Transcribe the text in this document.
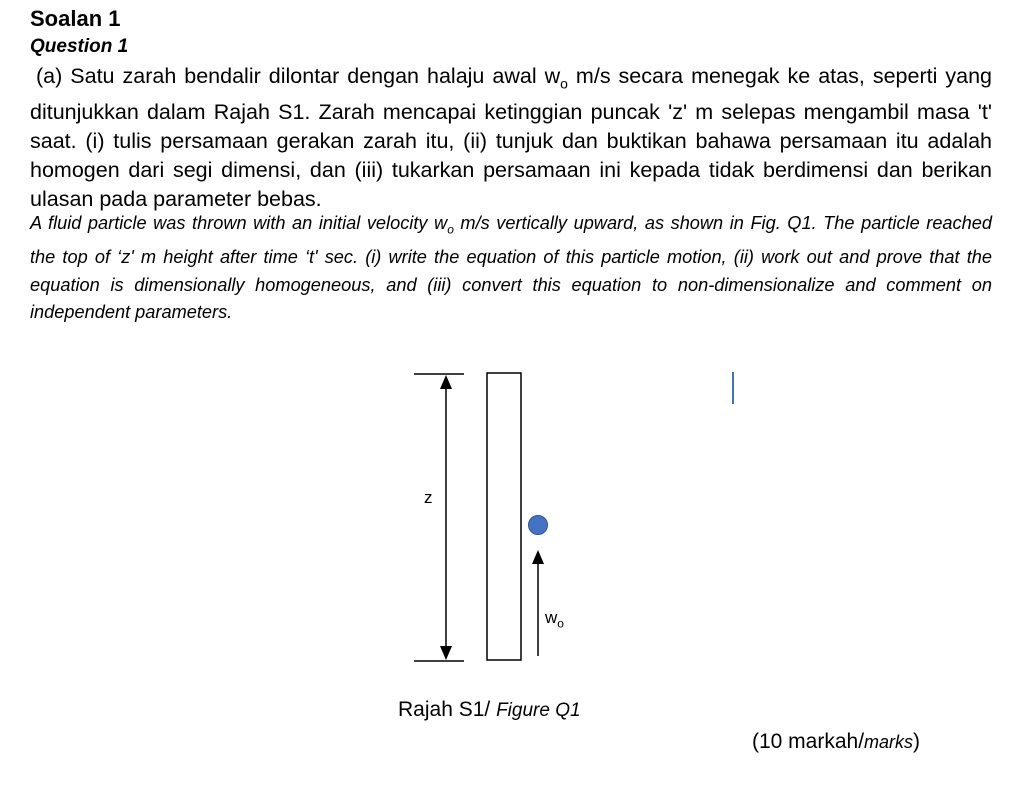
Soalan 1
Question 1
(a) Satu zarah bendalir dilontar dengan halaju awal $w_o$ m/s secara menegak ke atas, seperti yang ditunjukkan dalam Rajah S1. Zarah mencapai ketinggian puncak 'z' m selepas mengambil masa 't' saat. (i) tulis persamaan gerakan zarah itu, (ii) tunjuk dan buktikan bahawa persamaan itu adalah homogen dari segi dimensi, dan (iii) tukarkan persamaan ini kepada tidak berdimensi dan berikan ulasan pada parameter bebas.
A fluid particle was thrown with an initial velocity $w_o$ m/s vertically upward, as shown in Fig. Q1. The particle reached the top of ‘z' m height after time ‘t' sec. (i) write the equation of this particle motion, (ii) work out and prove that the equation is dimensionally homogeneous, and (iii) convert this equation to non-dimensionalize and comment on independent parameters.
z
$w_o$
Rajah S1/ Figure Q1
(10 markah/marks)
